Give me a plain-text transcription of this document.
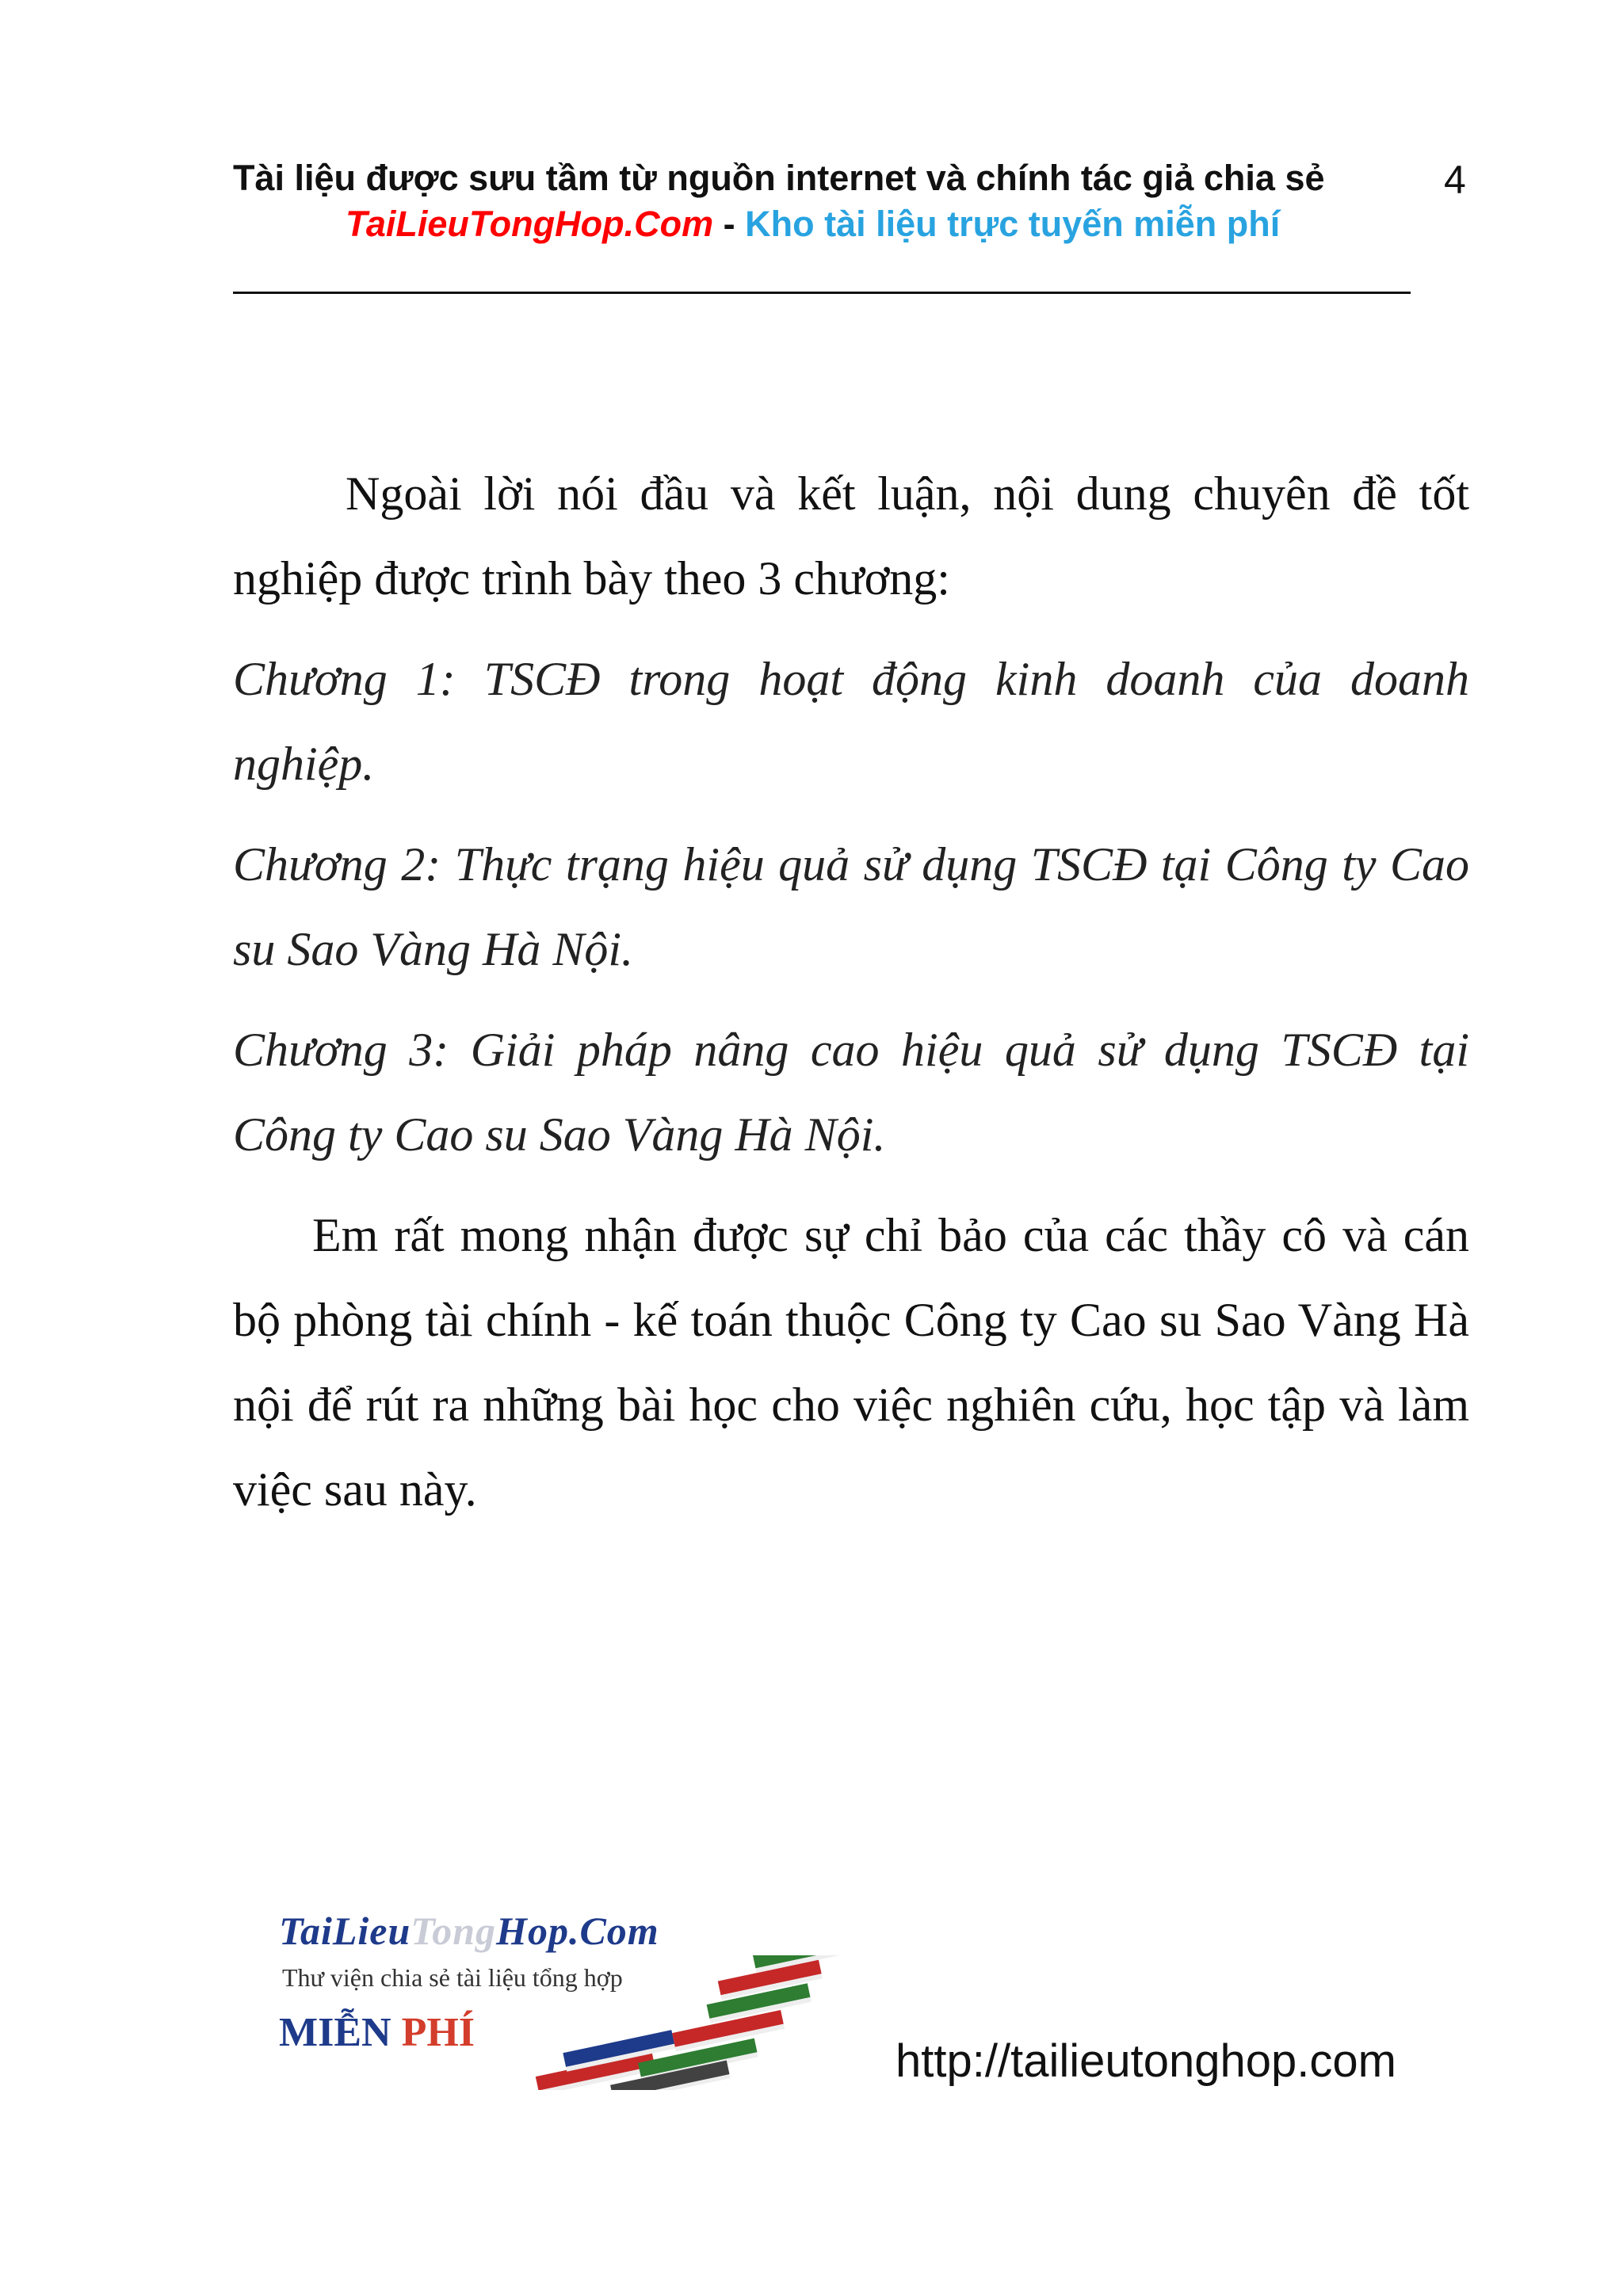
Tài liệu được sưu tầm từ nguồn internet và chính tác giả chia sẻ
TaiLieuTongHop.Com - Kho tài liệu trực tuyến miễn phí
4

Ngoài lời nói đầu và kết luận, nội dung chuyên đề tốt nghiệp được trình bày theo 3 chương:

Chương 1: TSCĐ trong hoạt động kinh doanh của doanh nghiệp.

Chương 2: Thực trạng hiệu quả sử dụng TSCĐ tại Công ty Cao su Sao Vàng Hà Nội.

Chương 3: Giải pháp nâng cao hiệu quả sử dụng TSCĐ tại Công ty Cao su Sao Vàng Hà Nội.

Em rất mong nhận được sự chỉ bảo của các thầy cô và cán bộ phòng tài chính - kế toán thuộc Công ty Cao su Sao Vàng Hà nội để rút ra những bài học cho việc nghiên cứu, học tập và làm việc sau này.

TaiLieuTongHop.Com
Thư viện chia sẻ tài liệu tổng hợp
MIỄN PHÍ
http://tailieutonghop.com
